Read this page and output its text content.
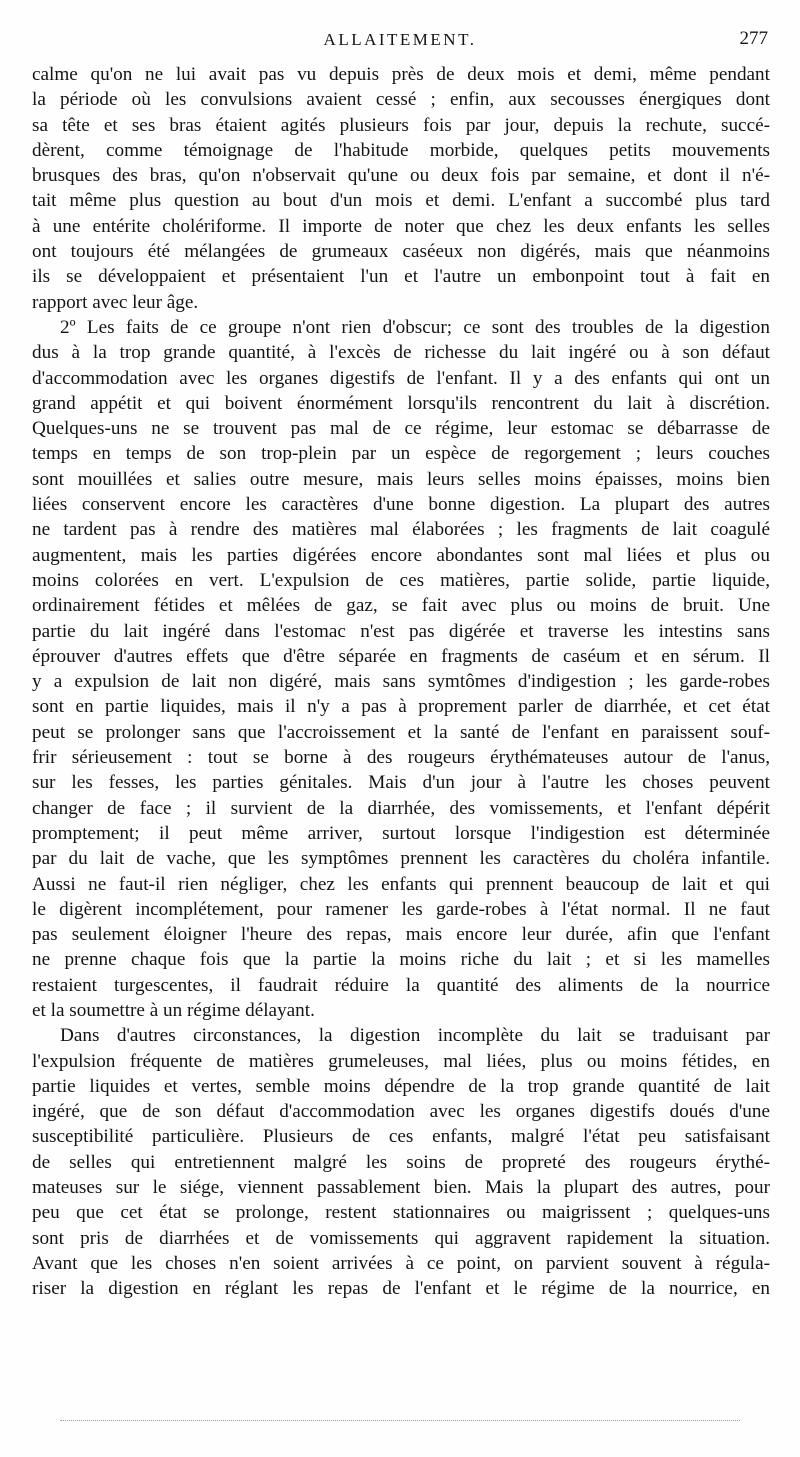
ALLAITEMENT.	277
calme qu'on ne lui avait pas vu depuis près de deux mois et demi, même pendant
la période où les convulsions avaient cessé ; enfin, aux secousses énergiques dont
sa tête et ses bras étaient agités plusieurs fois par jour, depuis la rechute, succé-
dèrent, comme témoignage de l'habitude morbide, quelques petits mouvements
brusques des bras, qu'on n'observait qu'une ou deux fois par semaine, et dont il n'é-
tait même plus question au bout d'un mois et demi. L'enfant a succombé plus tard
à une entérite cholériforme. Il importe de noter que chez les deux enfants les selles
ont toujours été mélangées de grumeaux caséeux non digérés, mais que néanmoins
ils se développaient et présentaient l'un et l'autre un embonpoint tout à fait en
rapport avec leur âge.
2º Les faits de ce groupe n'ont rien d'obscur; ce sont des troubles de la digestion
dus à la trop grande quantité, à l'excès de richesse du lait ingéré ou à son défaut
d'accommodation avec les organes digestifs de l'enfant. Il y a des enfants qui ont un
grand appétit et qui boivent énormément lorsqu'ils rencontrent du lait à discrétion.
Quelques-uns ne se trouvent pas mal de ce régime, leur estomac se débarrasse de
temps en temps de son trop-plein par un espèce de regorgement ; leurs couches
sont mouillées et salies outre mesure, mais leurs selles moins épaisses, moins bien
liées conservent encore les caractères d'une bonne digestion. La plupart des autres
ne tardent pas à rendre des matières mal élaborées ; les fragments de lait coagulé
augmentent, mais les parties digérées encore abondantes sont mal liées et plus ou
moins colorées en vert. L'expulsion de ces matières, partie solide, partie liquide,
ordinairement fétides et mêlées de gaz, se fait avec plus ou moins de bruit. Une
partie du lait ingéré dans l'estomac n'est pas digérée et traverse les intestins sans
éprouver d'autres effets que d'être séparée en fragments de caséum et en sérum. Il
y a expulsion de lait non digéré, mais sans symtômes d'indigestion ; les garde-robes
sont en partie liquides, mais il n'y a pas à proprement parler de diarrhée, et cet état
peut se prolonger sans que l'accroissement et la santé de l'enfant en paraissent souf-
frir sérieusement : tout se borne à des rougeurs érythémateuses autour de l'anus,
sur les fesses, les parties génitales. Mais d'un jour à l'autre les choses peuvent
changer de face ; il survient de la diarrhée, des vomissements, et l'enfant dépérit
promptement; il peut même arriver, surtout lorsque l'indigestion est déterminée
par du lait de vache, que les symptômes prennent les caractères du choléra infantile.
Aussi ne faut-il rien négliger, chez les enfants qui prennent beaucoup de lait et qui
le digèrent incomplétement, pour ramener les garde-robes à l'état normal. Il ne faut
pas seulement éloigner l'heure des repas, mais encore leur durée, afin que l'enfant
ne prenne chaque fois que la partie la moins riche du lait ; et si les mamelles
restaient turgescentes, il faudrait réduire la quantité des aliments de la nourrice
et la soumettre à un régime délayant.
Dans d'autres circonstances, la digestion incomplète du lait se traduisant par
l'expulsion fréquente de matières grumeleuses, mal liées, plus ou moins fétides, en
partie liquides et vertes, semble moins dépendre de la trop grande quantité de lait
ingéré, que de son défaut d'accommodation avec les organes digestifs doués d'une
susceptibilité particulière. Plusieurs de ces enfants, malgré l'état peu satisfaisant
de selles qui entretiennent malgré les soins de propreté des rougeurs érythé-
mateuses sur le siége, viennent passablement bien. Mais la plupart des autres, pour
peu que cet état se prolonge, restent stationnaires ou maigrissent ; quelques-uns
sont pris de diarrhées et de vomissements qui aggravent rapidement la situation.
Avant que les choses n'en soient arrivées à ce point, on parvient souvent à régula-
riser la digestion en réglant les repas de l'enfant et le régime de la nourrice, en
